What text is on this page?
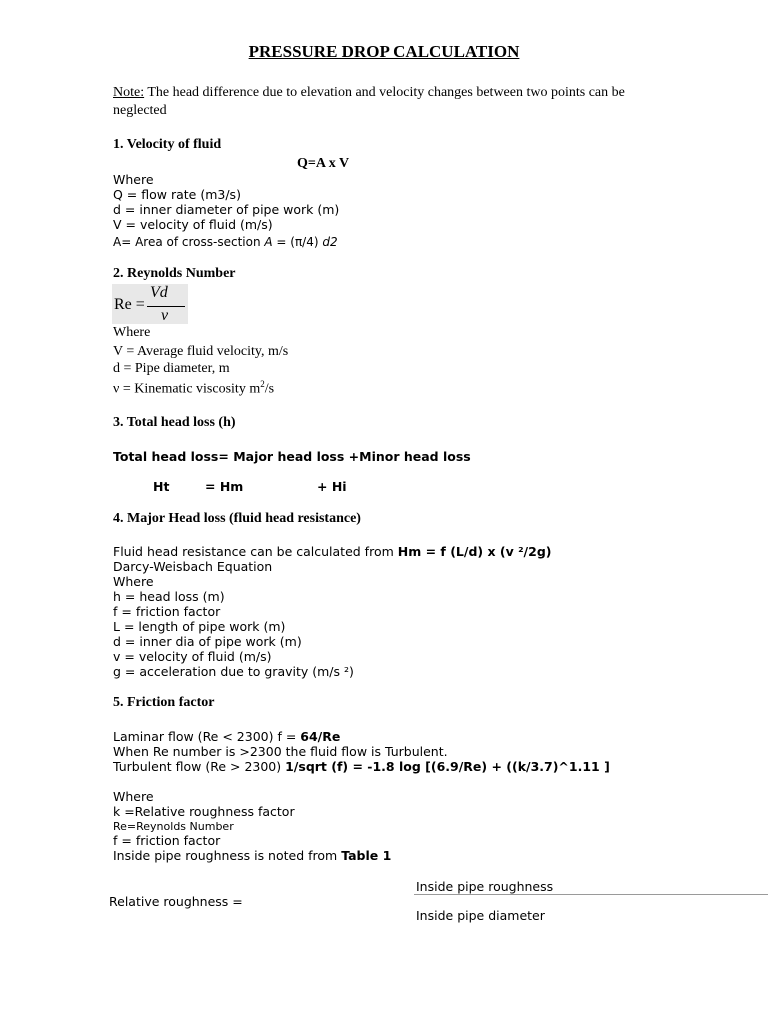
PRESSURE DROP CALCULATION
Note: The head difference due to elevation and velocity changes between two points can be neglected
1. Velocity of fluid
Q=A x V
Where
Q = flow rate (m3/s)
d = inner diameter of pipe work (m)
V = velocity of fluid (m/s)
A= Area of cross-section A = (π/4) d2
2. Reynolds Number
Re =
Vd
ν
Where
V = Average fluid velocity, m/s
d = Pipe diameter, m
ν = Kinematic viscosity $m^2/s$
3. Total head loss (h)
Total head loss= Major head loss +Minor head loss
Ht	= Hm	+ Hi
4. Major Head loss (fluid head resistance)
Fluid head resistance can be calculated from Hm = f (L/d) x (v ²/2g)
Darcy-Weisbach Equation
Where
h = head loss (m)
f = friction factor
L = length of pipe work (m)
d = inner dia of pipe work (m)
v = velocity of fluid (m/s)
g = acceleration due to gravity (m/s ²)
5. Friction factor
Laminar flow (Re < 2300) f = 64/Re
When Re number is >2300 the fluid flow is Turbulent.
Turbulent flow (Re > 2300) 1/sqrt (f) = -1.8 log [(6.9/Re) + ((k/3.7)^1.11 ]
Where
k =Relative roughness factor
Re=Reynolds Number
f = friction factor
Inside pipe roughness is noted from Table 1
Inside pipe roughness
Relative roughness =
Inside pipe diameter
